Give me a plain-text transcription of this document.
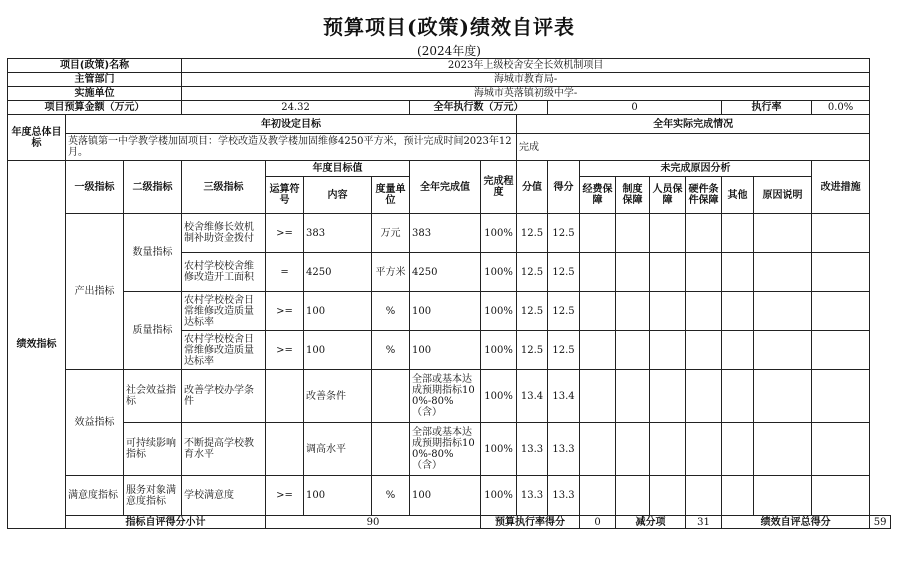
预算项目(政策)绩效自评表
(2024年度)
项目(政策)名称			2023年上级校舍安全长效机制项目															
主管部门			海城市教育局-															
实施单位			海城市英落镇初级中学-															
项目预算金额（万元）			24.32				全年执行数（万元）			0					执行率		0.0%	
年度总体目标	年初设定目标								全年实际完成情况									
	英落镇第一中学教学楼加固项目：学校改造及教学楼加固维修4250平方米，预计完成时间2023年12月。								完成									
绩效指标	一级指标	二级指标	三级指标	年度目标值			全年完成值	完成程度	分值	得分	未完成原因分析						改进措施	
				运算符号	内容	度量单位					经费保障	制度保障	人员保障	硬件条件保障	其他	原因说明		
	产出指标	数量指标	校舍维修长效机制补助资金拨付	>=	383	万元	383	100%	12.5	12.5								
			农村学校校舍维修改造开工面积	=	4250	平方米	4250	100%	12.5	12.5								
		质量指标	农村学校校舍日常维修改造质量达标率	>=	100	%	100	100%	12.5	12.5								
			农村学校校舍日常维修改造质量达标率	>=	100	%	100	100%	12.5	12.5								
	效益指标	社会效益指标	改善学校办学条件		改善条件		全部或基本达成预期指标100%-80%（含）	100%	13.4	13.4								
		可持续影响指标	不断提高学校教育水平		调高水平		全部或基本达成预期指标100%-80%（含）	100%	13.3	13.3								
	满意度指标	服务对象满意度指标	学校满意度	>=	100	%	100	100%	13.3	13.3								
	指标自评得分小计			90				预算执行率得分			0	减分项		31	绩效自评总得分			59
